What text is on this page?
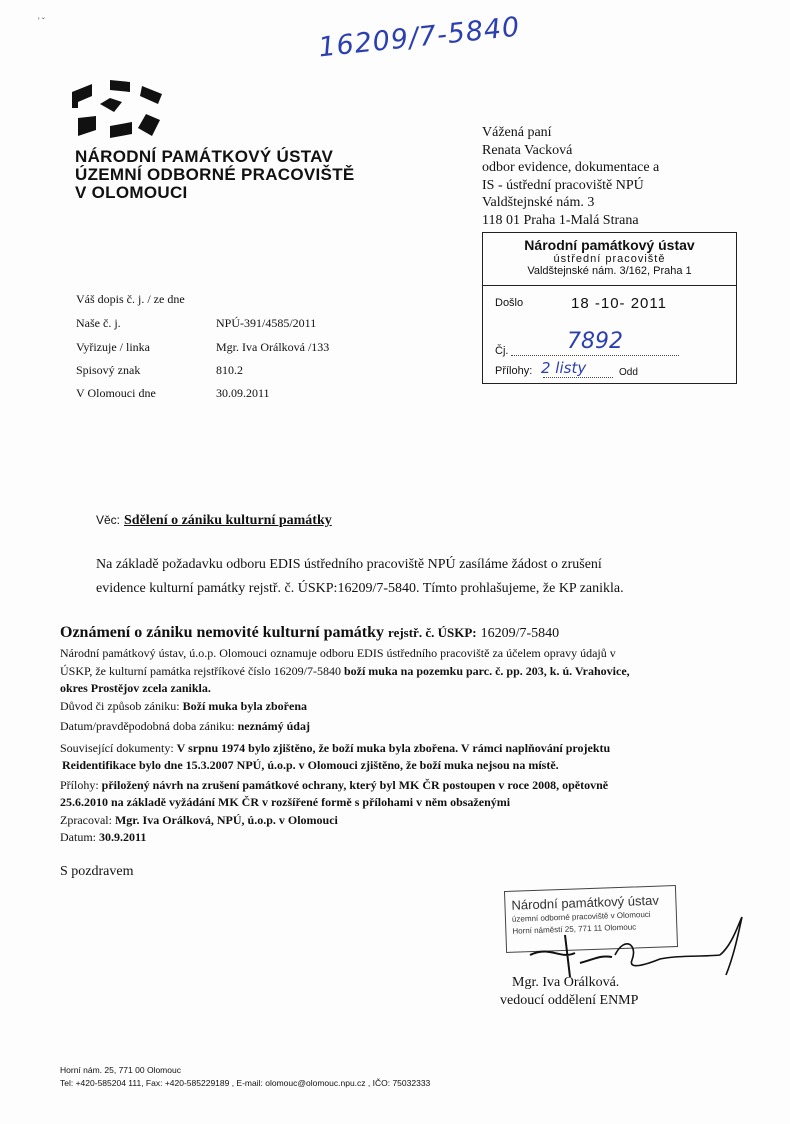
' ˇ	16209/7-5840
NÁRODNÍ PAMÁTKOVÝ ÚSTAV
ÚZEMNÍ ODBORNÉ PRACOVIŠTĚ
V OLOMOUCI
Vážená paní
Renata Vacková
odbor evidence, dokumentace a
IS - ústřední pracoviště NPÚ
Valdštejnské nám. 3
118 01 Praha 1-Malá Strana
Národní památkový ústav
ústřední pracoviště
Valdštejnské nám. 3/162, Praha 1
Došlo	18 -10- 2011
Čj.	7892
Přílohy: 2 listy	Odd
Váš dopis č. j. / ze dne
Naše č. j.	NPÚ-391/4585/2011
Vyřizuje / linka	Mgr. Iva Orálková /133
Spisový znak	810.2
V Olomouci dne	30.09.2011
Věc: Sdělení o zániku kulturní památky
Na základě požadavku odboru EDIS ústředního pracoviště NPÚ zasíláme žádost o zrušení
evidence kulturní památky rejstř. č. ÚSKP:16209/7-5840. Tímto prohlašujeme, že KP zanikla.
Oznámení o zániku nemovité kulturní památky rejstř. č. ÚSKP: 16209/7-5840
Národní památkový ústav, ú.o.p. Olomouci oznamuje odboru EDIS ústředního pracoviště za účelem opravy údajů v
ÚSKP, že kulturní památka rejstříkové číslo 16209/7-5840 boží muka na pozemku parc. č. pp. 203, k. ú. Vrahovice,
okres Prostějov zcela zanikla.
Důvod či způsob zániku: Boží muka byla zbořena
Datum/pravděpodobná doba zániku: neznámý údaj
Související dokumenty: V srpnu 1974 bylo zjištěno, že boží muka byla zbořena. V rámci naplňování projektu
Reidentifikace bylo dne 15.3.2007 NPÚ, ú.o.p. v Olomouci zjištěno, že boží muka nejsou na místě.
Přílohy: přiložený návrh na zrušení památkové ochrany, který byl MK ČR postoupen v roce 2008, opětovně
25.6.2010 na základě vyžádání MK ČR v rozšířené formě s přílohami v něm obsaženými
Zpracoval: Mgr. Iva Orálková, NPÚ, ú.o.p. v Olomouci
Datum: 30.9.2011
S pozdravem
Národní památkový ústav
územní odborné pracoviště v Olomouci
Horní náměstí 25, 771 11 Olomouc
Mgr. Iva Orálková.
vedoucí oddělení ENMP
Horní nám. 25, 771 00 Olomouc
Tel: +420-585204 111, Fax: +420-585229189 , E-mail: olomouc@olomouc.npu.cz , IČO: 75032333
